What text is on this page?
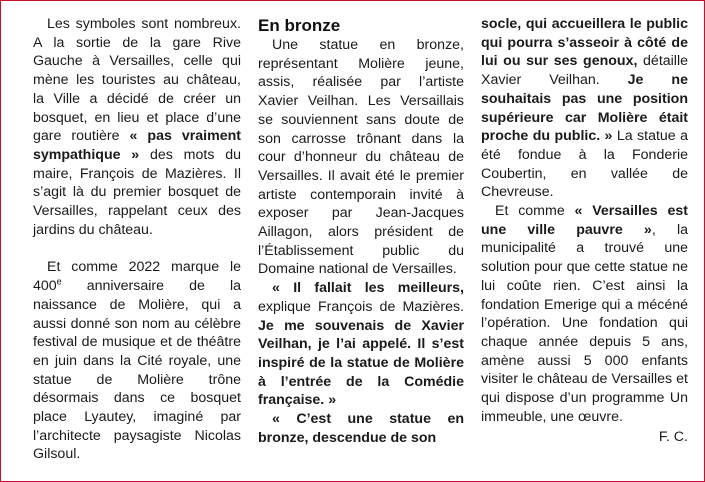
Les symboles sont nombreux. A la sortie de la gare Rive Gauche à Versailles, celle qui mène les touristes au château, la Ville a décidé de créer un bosquet, en lieu et place d’une gare routière « pas vraiment sympathique » des mots du maire, François de Mazières. Il s’agit là du premier bosquet de Versailles, rappelant ceux des jardins du château.

Et comme 2022 marque le 400e anniversaire de la naissance de Molière, qui a aussi donné son nom au célèbre festival de musique et de théâtre en juin dans la Cité royale, une statue de Molière trône désormais dans ce bosquet place Lyautey, imaginé par l’architecte paysagiste Nicolas Gilsoul.

En bronze

Une statue en bronze, représentant Molière jeune, assis, réalisée par l’artiste Xavier Veilhan. Les Versaillais se souviennent sans doute de son carrosse trônant dans la cour d’honneur du château de Versailles. Il avait été le premier artiste contemporain invité à exposer par Jean-Jacques Aillagon, alors président de l’Établissement public du Domaine national de Versailles.

« Il fallait les meilleurs, explique François de Mazières. Je me souvenais de Xavier Veilhan, je l’ai appelé. Il s’est inspiré de la statue de Molière à l’entrée de la Comédie française. »

« C’est une statue en bronze, descendue de son

socle, qui accueillera le public qui pourra s’asseoir à côté de lui ou sur ses genoux, détaille Xavier Veilhan. Je ne souhaitais pas une position supérieure car Molière était proche du public. » La statue a été fondue à la Fonderie Coubertin, en vallée de Chevreuse.

Et comme « Versailles est une ville pauvre », la municipalité a trouvé une solution pour que cette statue ne lui coûte rien. C’est ainsi la fondation Emerige qui a mécéné l’opération. Une fondation qui chaque année depuis 5 ans, amène aussi 5 000 enfants visiter le château de Versailles et qui dispose d’un programme Un immeuble, une œuvre.

F. C.
